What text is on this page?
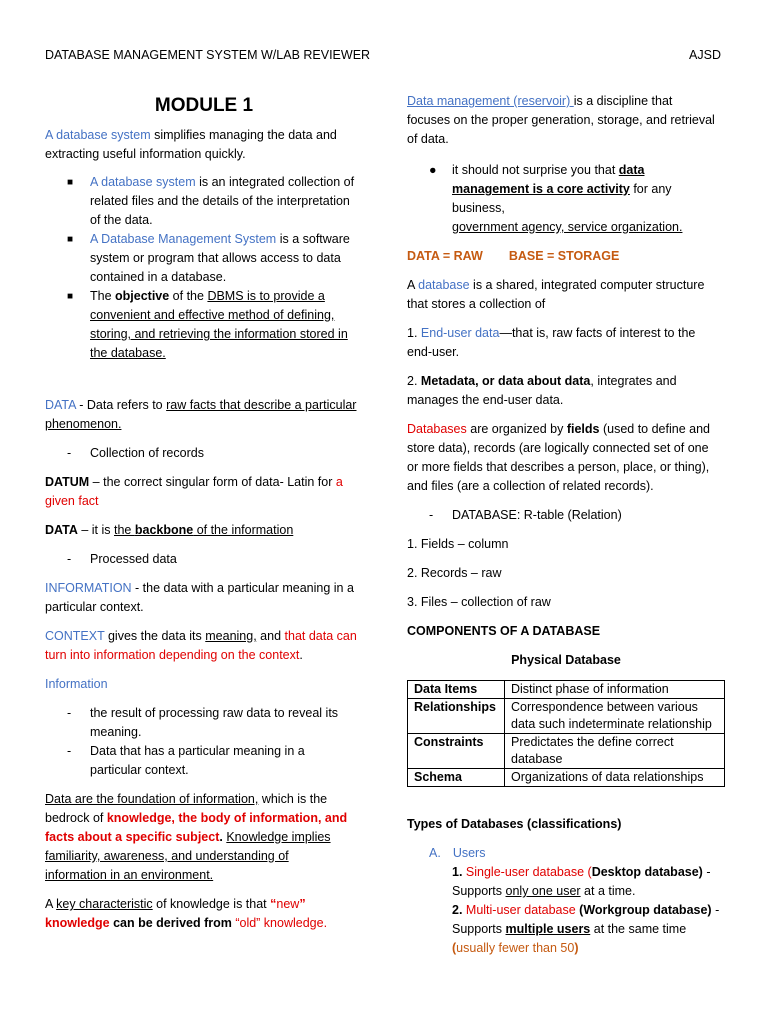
DATABASE MANAGEMENT SYSTEM W/LAB REVIEWER	AJSD
MODULE 1

A database system simplifies managing the data and
extracting useful information quickly.

■ A database system is an integrated collection of
related files and the details of the interpretation
of the data.
■ A Database Management System is a software
system or program that allows access to data
contained in a database.
■ The objective of the DBMS is to provide a
convenient and effective method of defining,
storing, and retrieving the information stored in
the database.

DATA - Data refers to raw facts that describe a particular
phenomenon.

- Collection of records

DATUM – the correct singular form of data- Latin for a
given fact

DATA – it is the backbone of the information

- Processed data

INFORMATION - the data with a particular meaning in a
particular context.

CONTEXT gives the data its meaning, and that data can
turn into information depending on the context.

Information

- the result of processing raw data to reveal its
meaning.
- Data that has a particular meaning in a
particular context.

Data are the foundation of information, which is the
bedrock of knowledge, the body of information, and
facts about a specific subject. Knowledge implies
familiarity, awareness, and understanding of
information in an environment.

A key characteristic of knowledge is that “new”
knowledge can be derived from “old” knowledge.

Data management (reservoir) is a discipline that
focuses on the proper generation, storage, and retrieval
of data.

● it should not surprise you that data
management is a core activity for any business,
government agency, service organization.

DATA = RAW BASE = STORAGE

A database is a shared, integrated computer structure
that stores a collection of

1. End-user data—that is, raw facts of interest to the
end-user.

2. Metadata, or data about data, integrates and
manages the end-user data.

Databases are organized by fields (used to define and
store data), records (are logically connected set of one
or more fields that describes a person, place, or thing),
and files (are a collection of related records).

- DATABASE: R-table (Relation)

1. Fields – column

2. Records – raw

3. Files – collection of raw

COMPONENTS OF A DATABASE

Physical Database

Data Items	Distinct phase of information
Relationships	Correspondence between various
data such indeterminate relationship
Constraints	Predictates the define correct
database
Schema	Organizations of data relationships

Types of Databases (classifications)

A. Users

1. Single-user database (Desktop database) -
Supports only one user at a time.

2. Multi-user database (Workgroup database) -
Supports multiple users at the same time
(usually fewer than 50)
